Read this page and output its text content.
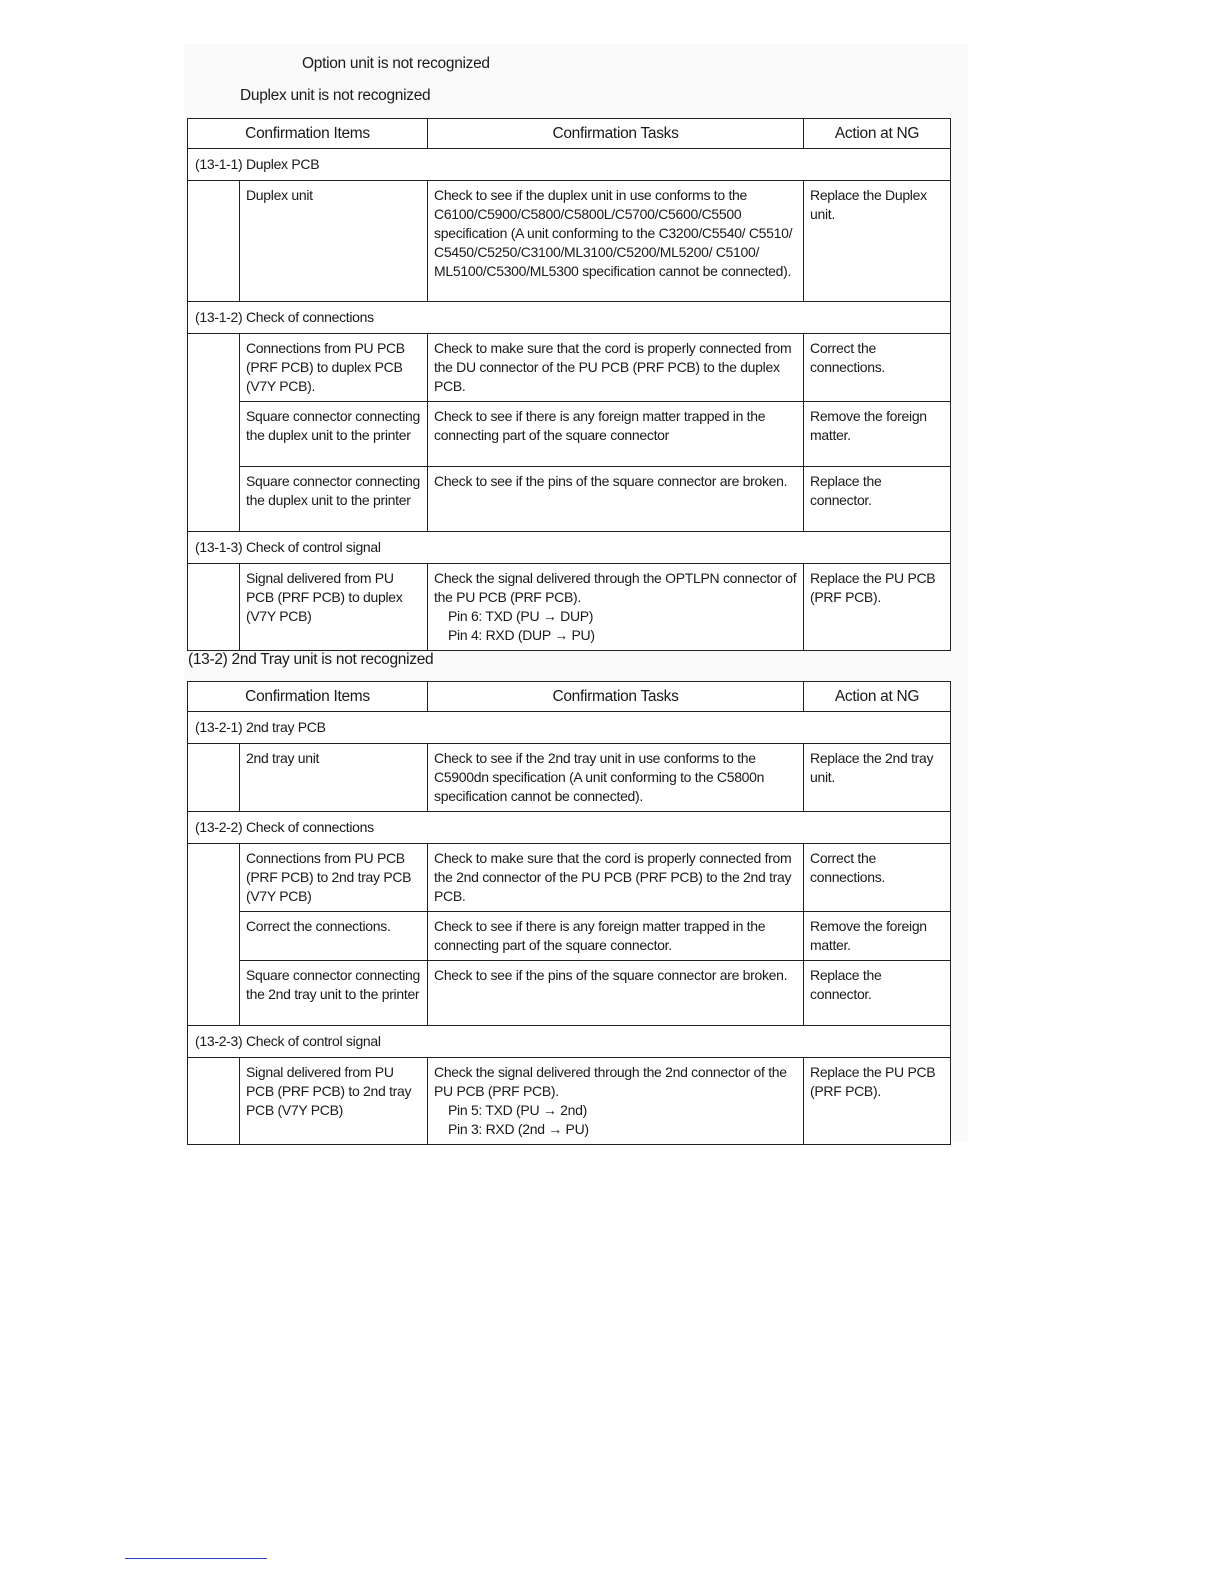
Option unit is not recognized
Duplex unit is not recognized
Confirmation Items		Confirmation Tasks	Action at NG
(13-1-1) Duplex PCB			
	Duplex unit	Check to see if the duplex unit in use conforms to the C6100/C5900/C5800/C5800L/C5700/C5600/C5500 specification (A unit conforming to the C3200/C5540/ C5510/ C5450/C5250/C3100/ML3100/C5200/ML5200/ C5100/ ML5100/C5300/ML5300 specification cannot be connected).	Replace the Duplex unit.
(13-1-2) Check of connections			
	Connections from PU PCB (PRF PCB) to duplex PCB (V7Y PCB).	Check to make sure that the cord is properly connected from the DU connector of the PU PCB (PRF PCB) to the duplex PCB.	Correct the connections.
	Square connector connecting the duplex unit to the printer	Check to see if there is any foreign matter trapped in the connecting part of the square connector	Remove the foreign matter.
	Square connector connecting the duplex unit to the printer	Check to see if the pins of the square connector are broken.	Replace the connector.
(13-1-3) Check of control signal			
	Signal delivered from PU PCB (PRF PCB) to duplex (V7Y PCB)	Check the signal delivered through the OPTLPN connector of the PU PCB (PRF PCB).
Pin 6: TXD (PU → DUP)
Pin 4: RXD (DUP → PU)	Replace the PU PCB (PRF PCB).
(13-2) 2nd Tray unit is not recognized
Confirmation Items		Confirmation Tasks	Action at NG
(13-2-1) 2nd tray PCB			
	2nd tray unit	Check to see if the 2nd tray unit in use conforms to the C5900dn specification (A unit conforming to the C5800n specification cannot be connected).	Replace the 2nd tray unit.
(13-2-2) Check of connections			
	Connections from PU PCB (PRF PCB) to 2nd tray PCB (V7Y PCB)	Check to make sure that the cord is properly connected from the 2nd connector of the PU PCB (PRF PCB) to the 2nd tray PCB.	Correct the connections.
	Correct the connections.	Check to see if there is any foreign matter trapped in the connecting part of the square connector.	Remove the foreign matter.
	Square connector connecting the 2nd tray unit to the printer	Check to see if the pins of the square connector are broken.	Replace the connector.
(13-2-3) Check of control signal			
	Signal delivered from PU PCB (PRF PCB) to 2nd tray PCB (V7Y PCB)	Check the signal delivered through the 2nd connector of the PU PCB (PRF PCB).
Pin 5: TXD (PU → 2nd)
Pin 3: RXD (2nd → PU)	Replace the PU PCB (PRF PCB).
